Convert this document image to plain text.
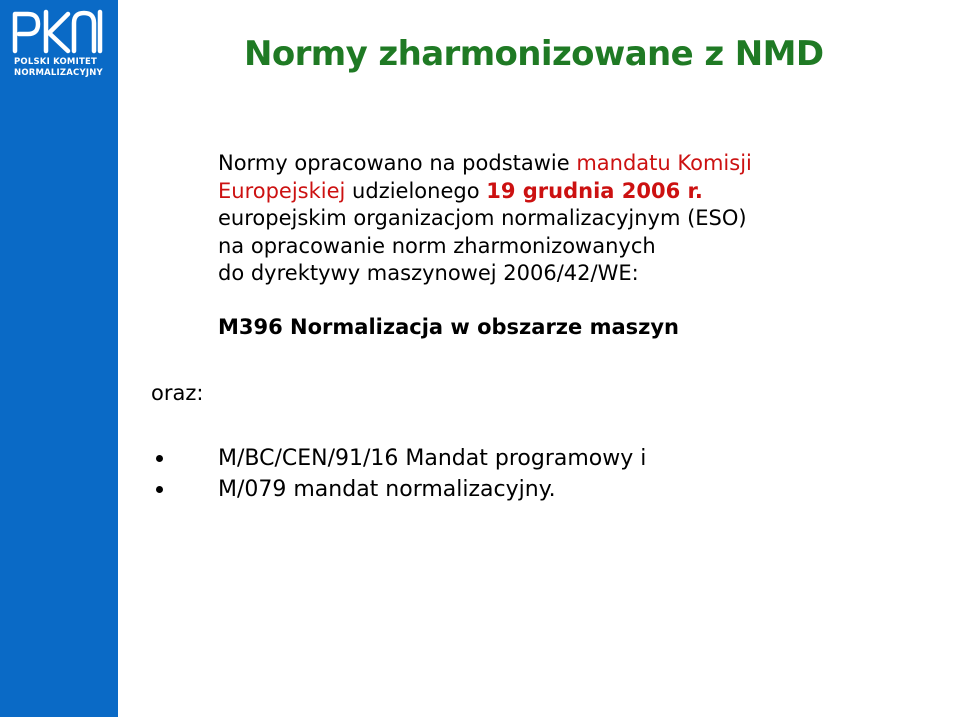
POLSKI KOMITET
NORMALIZACYJNY	Normy zharmonizowane z NMD
Normy opracowano na podstawie mandatu Komisji
Europejskiej udzielonego 19 grudnia 2006 r.
europejskim organizacjom normalizacyjnym (ESO)
na opracowanie norm zharmonizowanych
do dyrektywy maszynowej 2006/42/WE:

M396 Normalizacja w obszarze maszyn

oraz:
M/BC/CEN/91/16 Mandat programowy i
M/079 mandat normalizacyjny.
